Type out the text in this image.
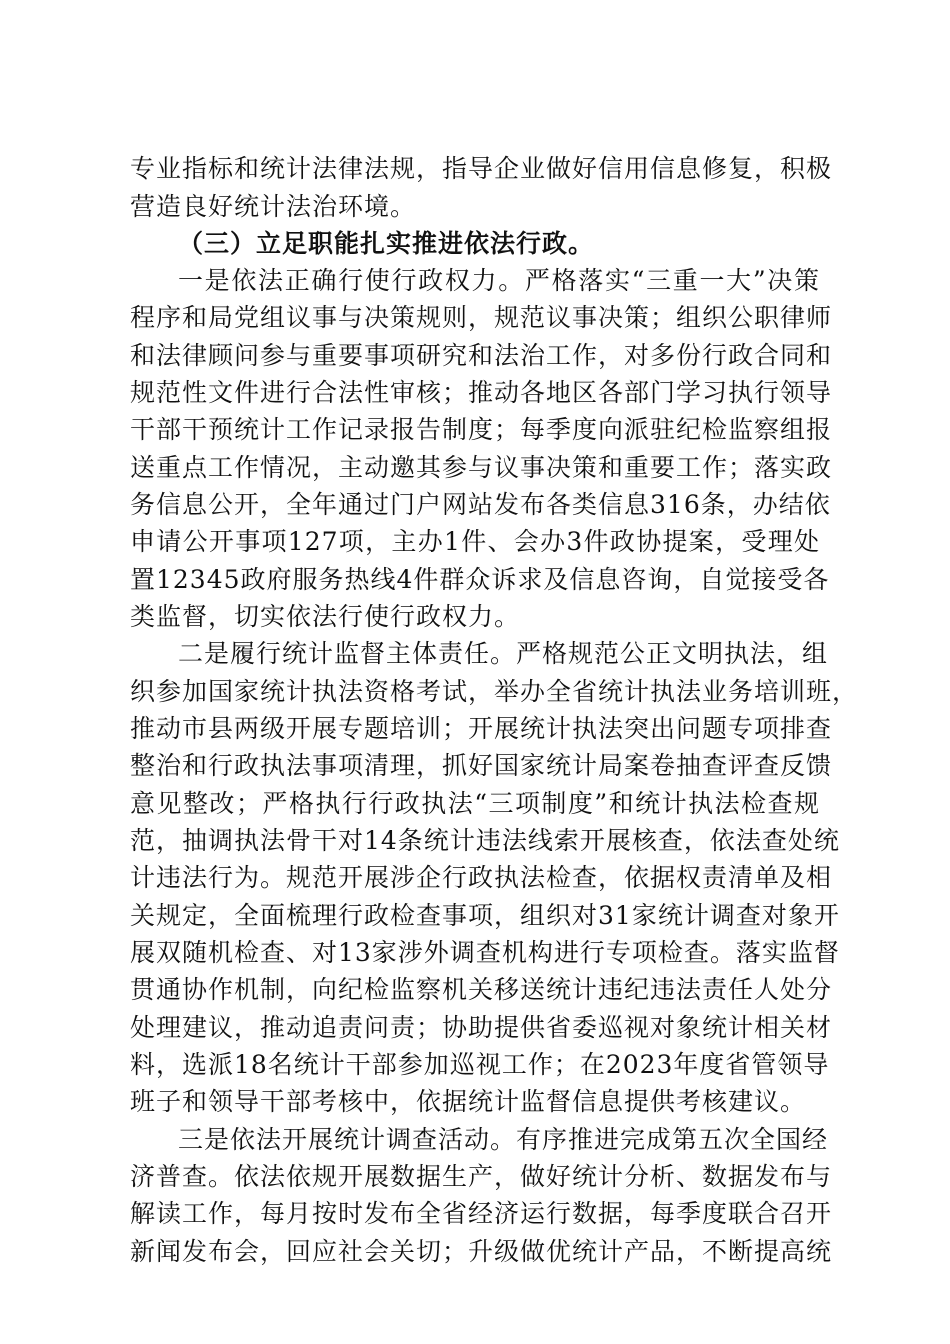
专业指标和统计法律法规，指导企业做好信用信息修复，积极
营造良好统计法治环境。
（三）立足职能扎实推进依法行政。
一是依法正确行使行政权力。严格落实“三重一大”决策
程序和局党组议事与决策规则，规范议事决策；组织公职律师
和法律顾问参与重要事项研究和法治工作，对多份行政合同和
规范性文件进行合法性审核；推动各地区各部门学习执行领导
干部干预统计工作记录报告制度；每季度向派驻纪检监察组报
送重点工作情况，主动邀其参与议事决策和重要工作；落实政
务信息公开，全年通过门户网站发布各类信息316条，办结依
申请公开事项127项，主办1件、会办3件政协提案，受理处
置12345政府服务热线4件群众诉求及信息咨询，自觉接受各
类监督，切实依法行使行政权力。
二是履行统计监督主体责任。严格规范公正文明执法，组
织参加国家统计执法资格考试，举办全省统计执法业务培训班，
推动市县两级开展专题培训；开展统计执法突出问题专项排查
整治和行政执法事项清理，抓好国家统计局案卷抽查评查反馈
意见整改；严格执行行政执法“三项制度”和统计执法检查规
范，抽调执法骨干对14条统计违法线索开展核查，依法查处统
计违法行为。规范开展涉企行政执法检查，依据权责清单及相
关规定，全面梳理行政检查事项，组织对31家统计调查对象开
展双随机检查、对13家涉外调查机构进行专项检查。落实监督
贯通协作机制，向纪检监察机关移送统计违纪违法责任人处分
处理建议，推动追责问责；协助提供省委巡视对象统计相关材
料，选派18名统计干部参加巡视工作；在2023年度省管领导
班子和领导干部考核中，依据统计监督信息提供考核建议。
三是依法开展统计调查活动。有序推进完成第五次全国经
济普查。依法依规开展数据生产，做好统计分析、数据发布与
解读工作，每月按时发布全省经济运行数据，每季度联合召开
新闻发布会，回应社会关切；升级做优统计产品，不断提高统
